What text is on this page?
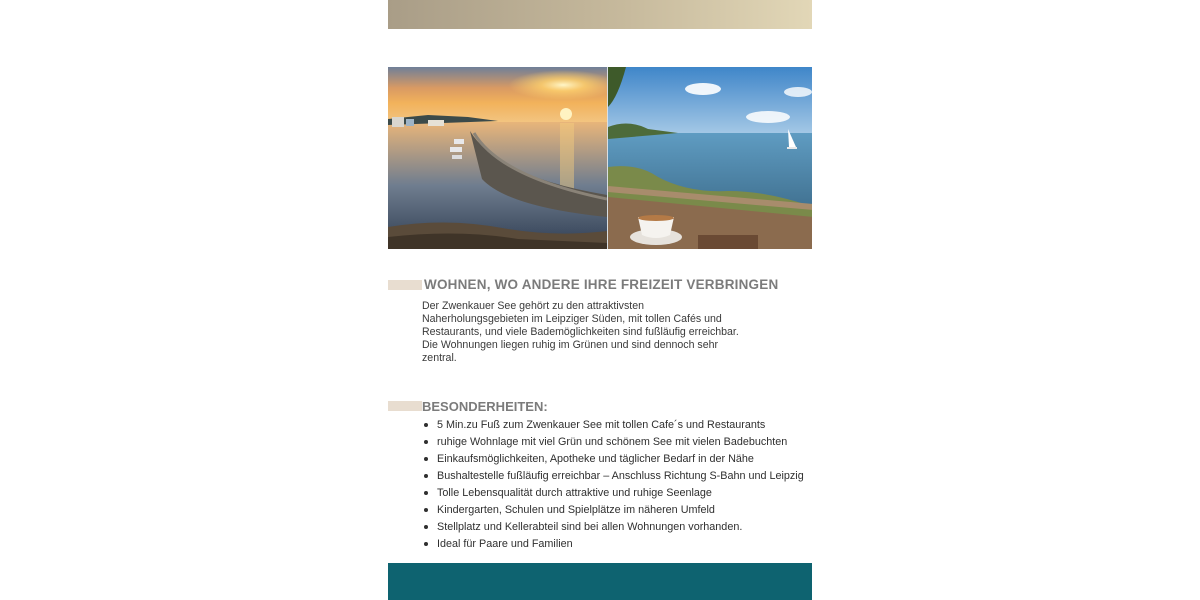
WOHNEN, WO ANDERE IHRE FREIZEIT VERBRINGEN

Der Zwenkauer See gehört zu den attraktivsten
Naherholungsgebieten im Leipziger Süden, mit tollen Cafés und
Restaurants, und viele Bademöglichkeiten sind fußläufig erreichbar.
Die Wohnungen liegen ruhig im Grünen und sind dennoch sehr
zentral.

BESONDERHEITEN:
5 Min.zu Fuß zum Zwenkauer See mit tollen Cafe´s und Restaurants
ruhige Wohnlage mit viel Grün und schönem See mit vielen Badebuchten
Einkaufsmöglichkeiten, Apotheke und täglicher Bedarf in der Nähe
Bushaltestelle fußläufig erreichbar – Anschluss Richtung S-Bahn und Leipzig
Tolle Lebensqualität durch attraktive und ruhige Seenlage
Kindergarten, Schulen und Spielplätze im näheren Umfeld
Stellplatz und Kellerabteil sind bei allen Wohnungen vorhanden.
Ideal für Paare und Familien
